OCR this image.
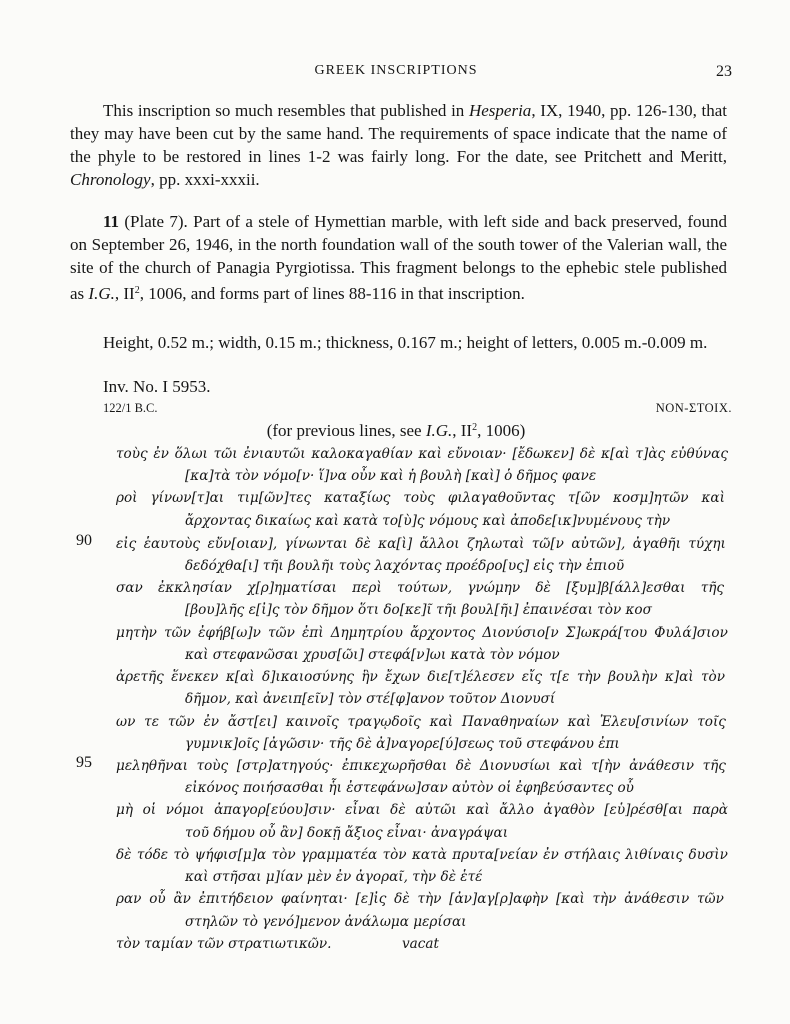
GREEK INSCRIPTIONS	23

This inscription so much resembles that published in Hesperia, IX, 1940, pp. 126-130, that they may have been cut by the same hand. The requirements of space indicate that the name of the phyle to be restored in lines 1-2 was fairly long. For the date, see Pritchett and Meritt, Chronology, pp. xxxi-xxxii.

11 (Plate 7). Part of a stele of Hymettian marble, with left side and back preserved, found on September 26, 1946, in the north foundation wall of the south tower of the Valerian wall, the site of the church of Panagia Pyrgiotissa. This fragment belongs to the ephebic stele published as I.G., $II^2$, 1006, and forms part of lines 88-116 in that inscription.

Height, 0.52 m.; width, 0.15 m.; thickness, 0.167 m.; height of letters, 0.005 m.-0.009 m.

Inv. No. I 5953.

122/1 B.C.	NON-ΣΤΟΙΧ.
(for previous lines, see I.G., $II^2$, 1006)
τοὺς ἐν ὅλωι τῶι ἐνιαυτῶι καλοκαγαθίαν καὶ εὔνοιαν· [ἔδωκεν] δὲ κ[αὶ τ]ὰς εὐθύνας
[κα]τὰ τὸν νόμο[ν· ἵ]να οὖν καὶ ἡ βουλὴ [καὶ] ὁ δῆμος φανε
ροὶ γίνων[τ]αι τιμ[ῶν]τες καταξίως τοὺς φιλαγαθοῦντας τ[ῶν κοσμ]ητῶν καὶ
ἄρχοντας δικαίως καὶ κατὰ το[ὺ]ς νόμους καὶ ἀποδε[ικ]νυμένους τὴν
90 εἰς ἑαυτοὺς εὔν[οιαν], γίνωνται δὲ κα[ὶ] ἄλλοι ζηλωταὶ τῶ[ν αὐτῶν], ἀγαθῆι τύχηι
δεδόχθα[ι] τῆι βουλῆι τοὺς λαχόντας προέδρο[υς] εἰς τὴν ἐπιοῦ
σαν ἐκκλησίαν χ[ρ]ηματίσαι περὶ τούτων, γνώμην δὲ [ξυμ]β[άλλ]εσθαι τῆς
[βου]λῆς ε[ἰ]ς τὸν δῆμον ὅτι δο[κε]ῖ τῆι βουλ[ῆι] ἐπαινέσαι τὸν κοσ
μητὴν τῶν ἐφήβ[ω]ν τῶν ἐπὶ Δημητρίου ἄρχοντος Διονύσιο[ν Σ]ωκρά[του Φυλά]σιον
καὶ στεφανῶσαι χρυσ[ῶι] στεφά[ν]ωι κατὰ τὸν νόμον
ἀρετῆς ἕνεκεν κ[αὶ δ]ικαιοσύνης ἣν ἔχων διε[τ]έλεσεν εἴς τ[ε τὴν βουλὴν κ]αὶ τὸν
δῆμον, καὶ ἀνειπ[εῖν] τὸν στέ[φ]ανον τοῦτον Διονυσί
ων τε τῶν ἐν ἄστ[ει] καινοῖς τραγῳδοῖς καὶ Παναθηναίων καὶ Ἐλευ[σινίων τοῖς
γυμνικ]οῖς [ἀγῶσιν· τῆς δὲ ἀ]ναγορε[ύ]σεως τοῦ στεφάνου ἐπι
95 μεληθῆναι τοὺς [στρ]ατηγούς· ἐπικεχωρῆσθαι δὲ Διονυσίωι καὶ τ[ὴν ἀνάθεσιν τῆς
εἰκόνος ποιήσασθαι ἧι ἐστεφάνω]σαν αὐτὸν οἱ ἐφηβεύσαντες οὗ
μὴ οἱ νόμοι ἀπαγορ[εύου]σιν· εἶναι δὲ αὐτῶι καὶ ἄλλο ἀγαθὸν [εὑ]ρέσθ[αι παρὰ
τοῦ δήμου οὗ ἂν] δοκῇ ἄξιος εἶναι· ἀναγράψαι
δὲ τόδε τὸ ψήφισ[μ]α τὸν γραμματέα τὸν κατὰ πρυτα[νείαν ἐν στήλαις λιθίναις δυσὶν
καὶ στῆσαι μ]ίαν μὲν ἐν ἀγοραῖ, τὴν δὲ ἑτέ
ραν οὗ ἂν ἐπιτήδειον φαίνηται· [ε]ἰς δὲ τὴν [ἀν]αγ[ρ]αφὴν [καὶ τὴν ἀνάθεσιν τῶν
στηλῶν τὸ γενό]μενον ἀνάλωμα μερίσαι
τὸν ταμίαν τῶν στρατιωτικῶν.	vacat
